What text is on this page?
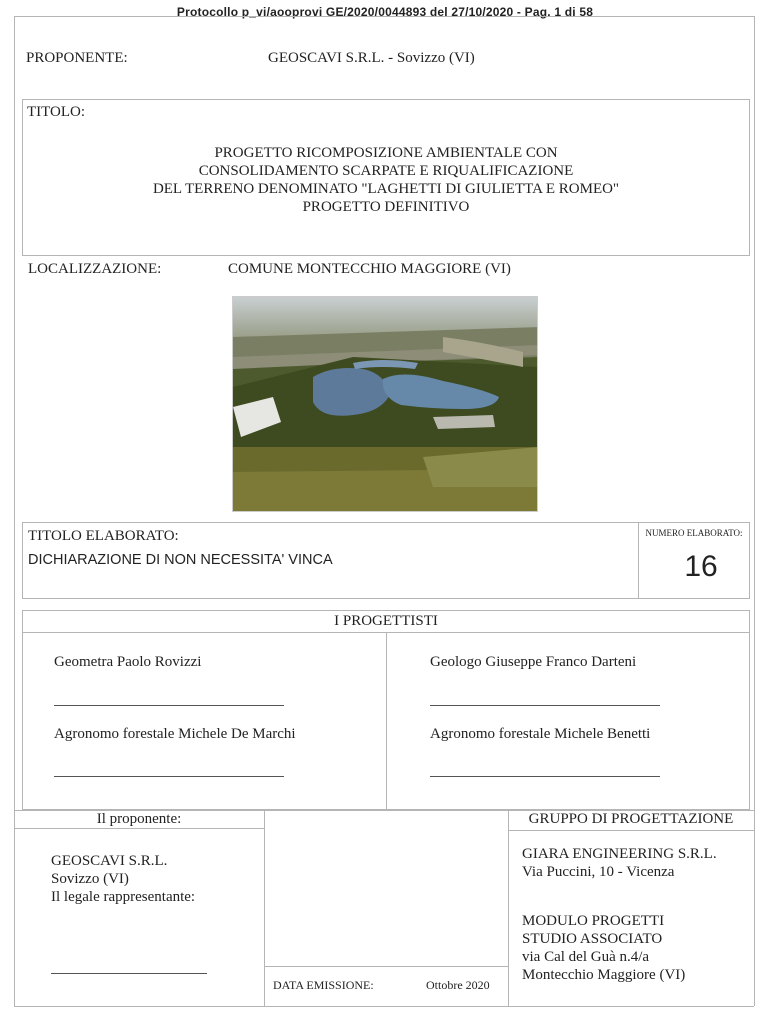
Protocollo p_vi/aooprovi GE/2020/0044893 del 27/10/2020 - Pag. 1 di 58
PROPONENTE:	GEOSCAVI S.R.L. - Sovizzo (VI)
TITOLO:
PROGETTO RICOMPOSIZIONE AMBIENTALE CON
CONSOLIDAMENTO SCARPATE E RIQUALIFICAZIONE
DEL TERRENO DENOMINATO "LAGHETTI DI GIULIETTA E ROMEO"
PROGETTO DEFINITIVO
LOCALIZZAZIONE:	COMUNE MONTECCHIO MAGGIORE (VI)
TITOLO ELABORATO:
DICHIARAZIONE DI NON NECESSITA' VINCA
NUMERO ELABORATO:
16
I PROGETTISTI
Geometra Paolo Rovizzi	Geologo Giuseppe Franco Darteni
Agronomo forestale Michele De Marchi	Agronomo forestale Michele Benetti
Il proponente:
GEOSCAVI S.R.L.
Sovizzo (VI)
Il legale rappresentante:
DATA EMISSIONE:	Ottobre 2020
GRUPPO DI PROGETTAZIONE
GIARA ENGINEERING S.R.L.
Via Puccini, 10 - Vicenza
MODULO PROGETTI
STUDIO ASSOCIATO
via Cal del Guà n.4/a
Montecchio Maggiore (VI)
